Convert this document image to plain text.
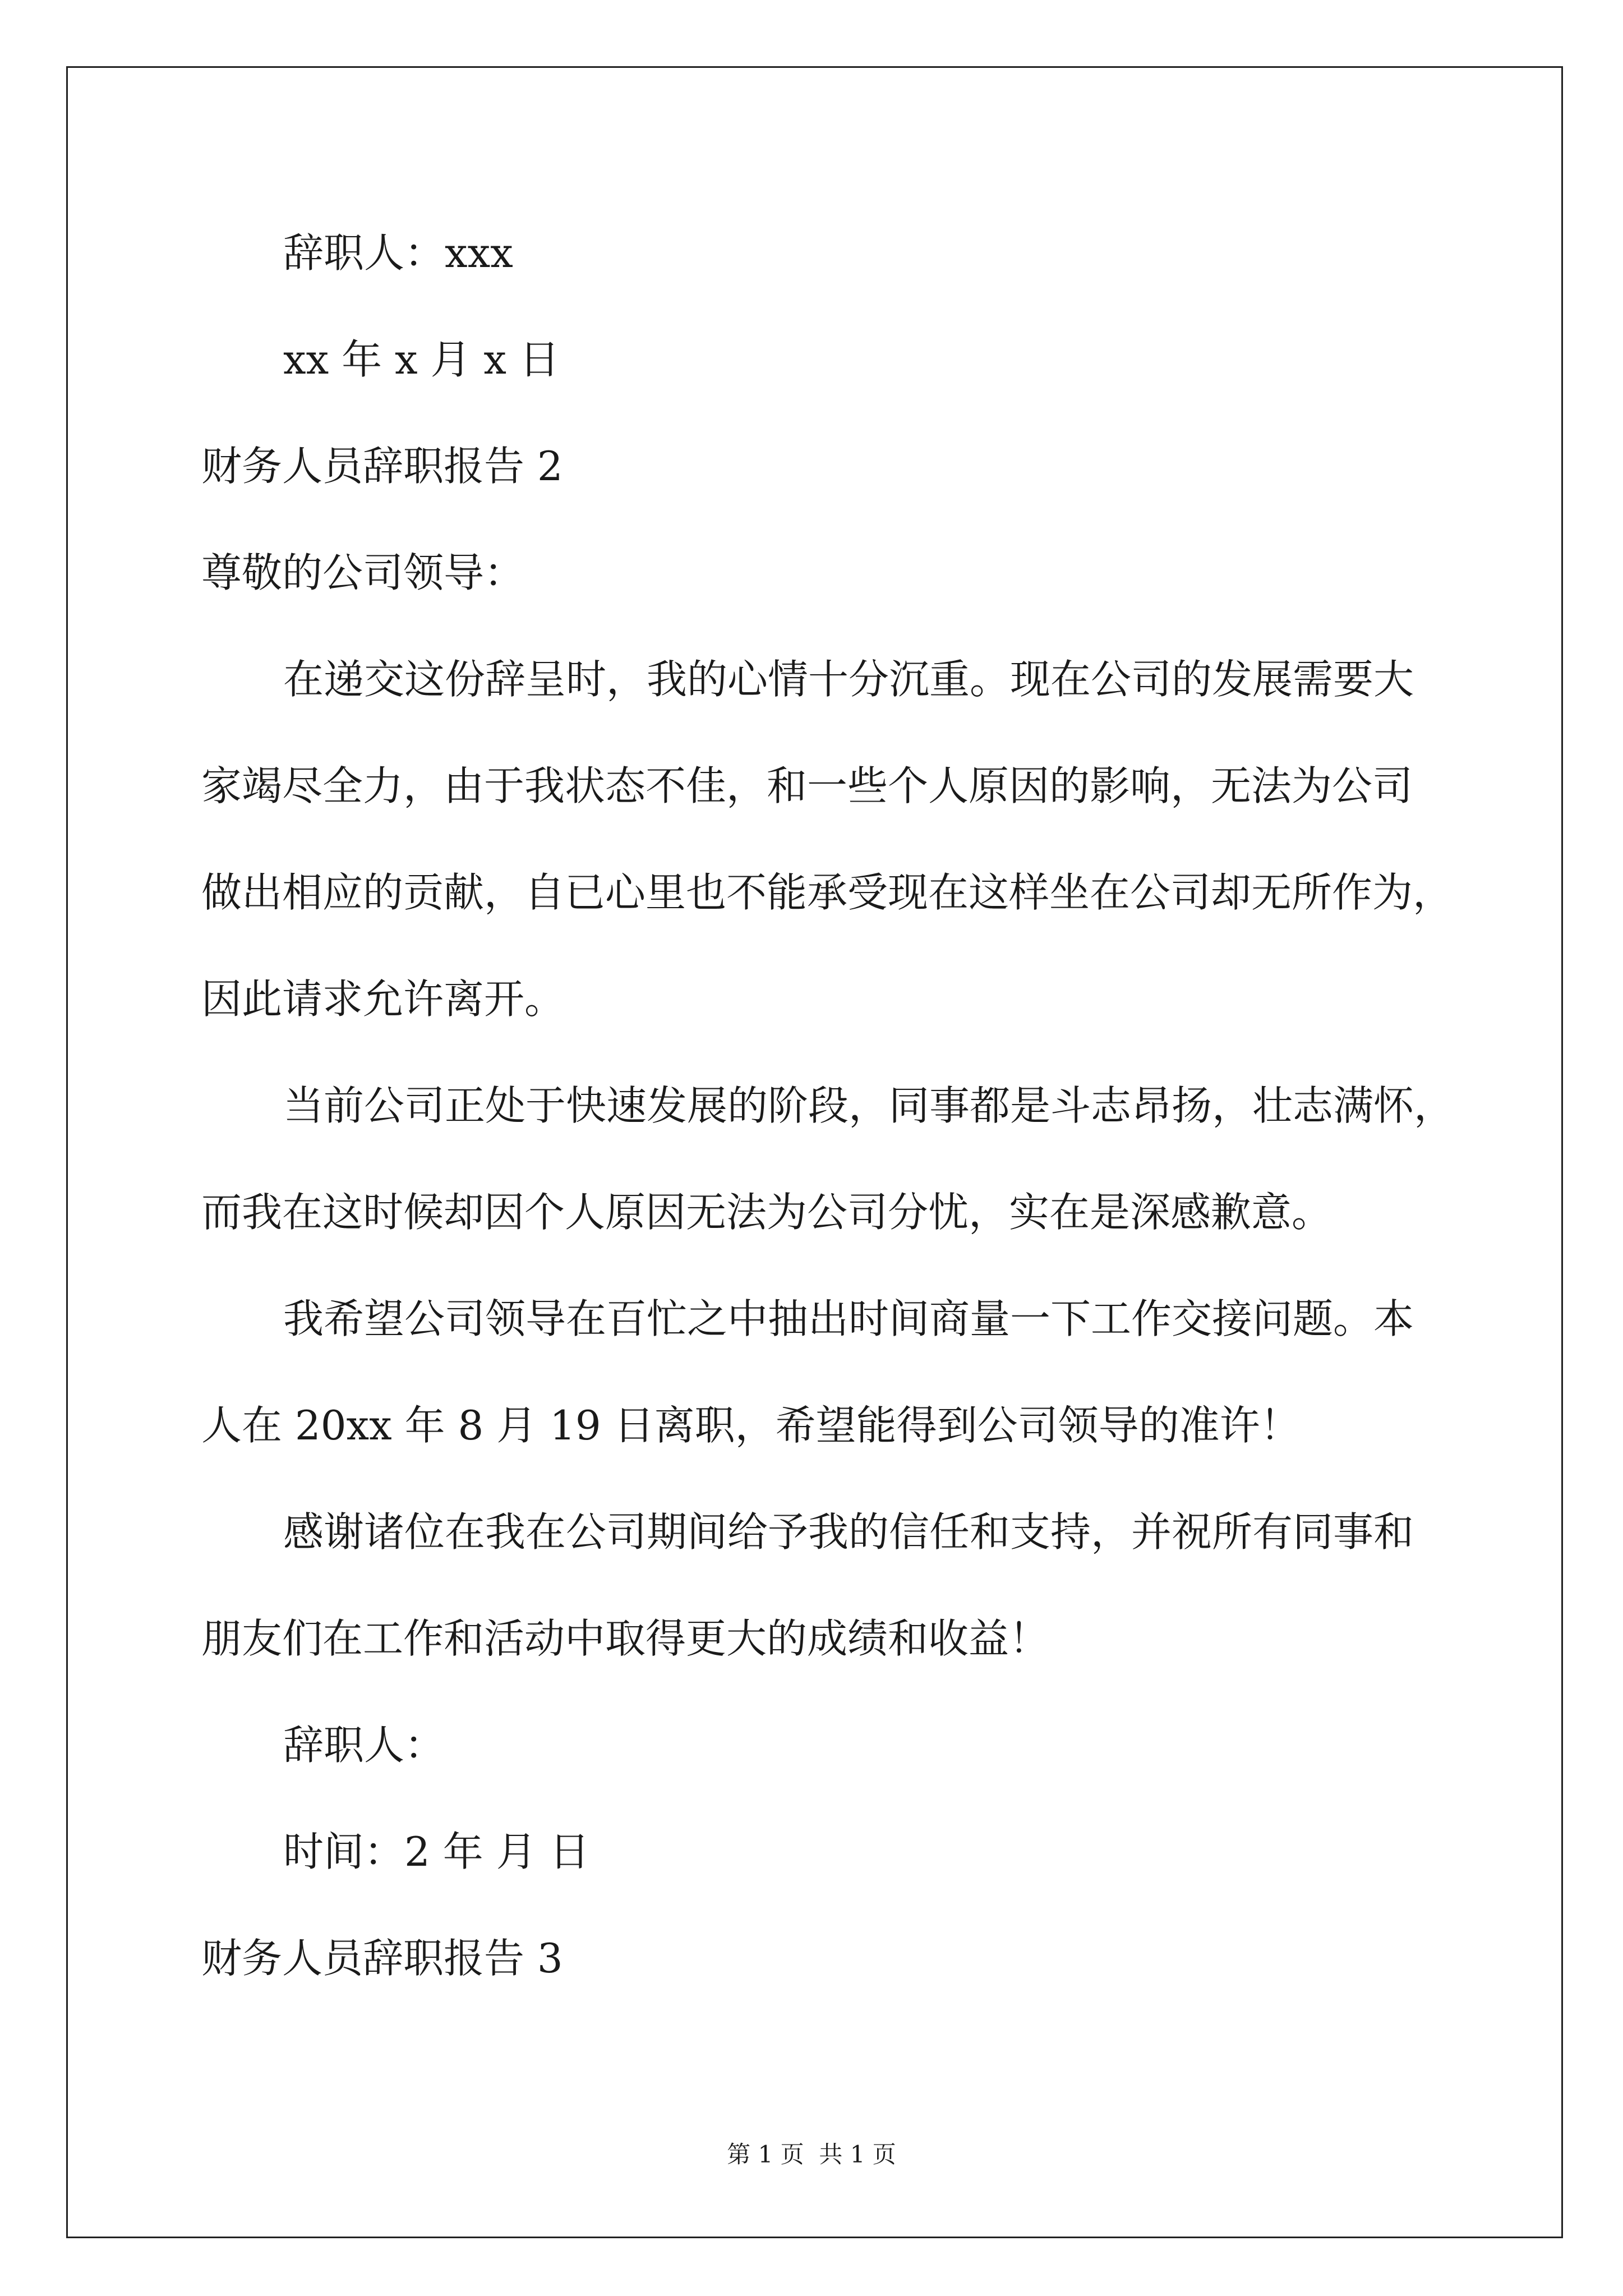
辞职人：xxx
xx 年 x 月 x 日
财务人员辞职报告 2
尊敬的公司领导：
在递交这份辞呈时，我的心情十分沉重。现在公司的发展需要大
家竭尽全力，由于我状态不佳，和一些个人原因的影响，无法为公司
做出相应的贡献，自已心里也不能承受现在这样坐在公司却无所作为，
因此请求允许离开。
当前公司正处于快速发展的阶段，同事都是斗志昂扬，壮志满怀，
而我在这时候却因个人原因无法为公司分忧，实在是深感歉意。
我希望公司领导在百忙之中抽出时间商量一下工作交接问题。本
人在 20xx 年 8 月 19 日离职，希望能得到公司领导的准许！
感谢诸位在我在公司期间给予我的信任和支持，并祝所有同事和
朋友们在工作和活动中取得更大的成绩和收益！
辞职人：
时间：2 年 月 日
财务人员辞职报告 3
第 1 页  共 1 页
